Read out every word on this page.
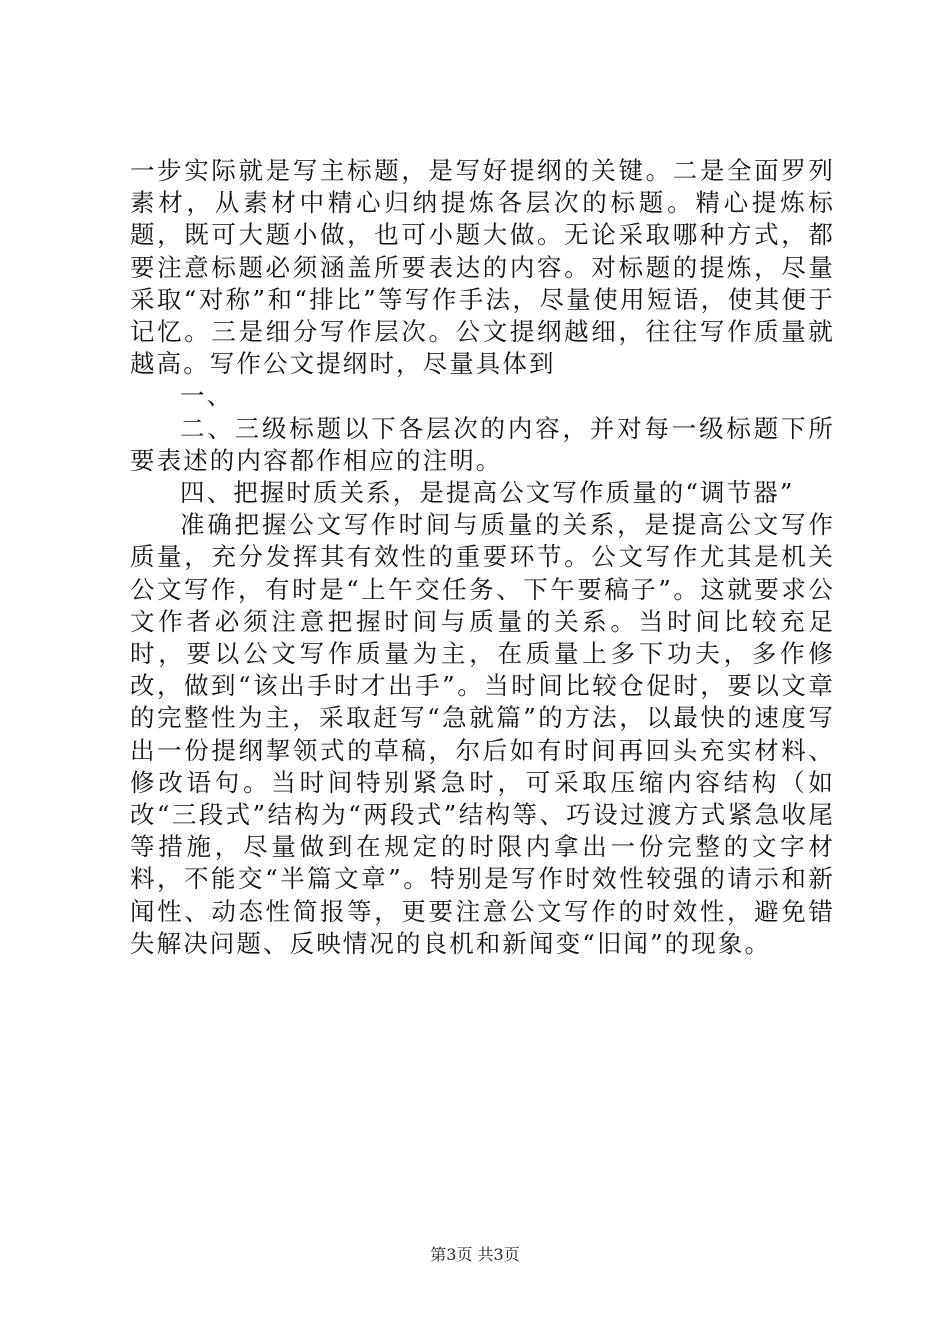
一步实际就是写主标题，是写好提纲的关键。二是全面罗列素材，从素材中精心归纳提炼各层次的标题。精心提炼标题，既可大题小做，也可小题大做。无论采取哪种方式，都要注意标题必须涵盖所要表达的内容。对标题的提炼，尽量采取“对称”和“排比”等写作手法，尽量使用短语，使其便于记忆。三是细分写作层次。公文提纲越细，往往写作质量就越高。写作公文提纲时，尽量具体到

一、

二、三级标题以下各层次的内容，并对每一级标题下所要表述的内容都作相应的注明。

四、把握时质关系，是提高公文写作质量的“调节器”

准确把握公文写作时间与质量的关系，是提高公文写作质量，充分发挥其有效性的重要环节。公文写作尤其是机关公文写作，有时是“上午交任务、下午要稿子”。这就要求公文作者必须注意把握时间与质量的关系。当时间比较充足时，要以公文写作质量为主，在质量上多下功夫，多作修改，做到“该出手时才出手”。当时间比较仓促时，要以文章的完整性为主，采取赶写“急就篇”的方法，以最快的速度写出一份提纲挈领式的草稿，尔后如有时间再回头充实材料、修改语句。当时间特别紧急时，可采取压缩内容结构（如改“三段式”结构为“两段式”结构等、巧设过渡方式紧急收尾等措施，尽量做到在规定的时限内拿出一份完整的文字材料，不能交“半篇文章”。特别是写作时效性较强的请示和新闻性、动态性简报等，更要注意公文写作的时效性，避免错失解决问题、反映情况的良机和新闻变“旧闻”的现象。

第3页 共3页
